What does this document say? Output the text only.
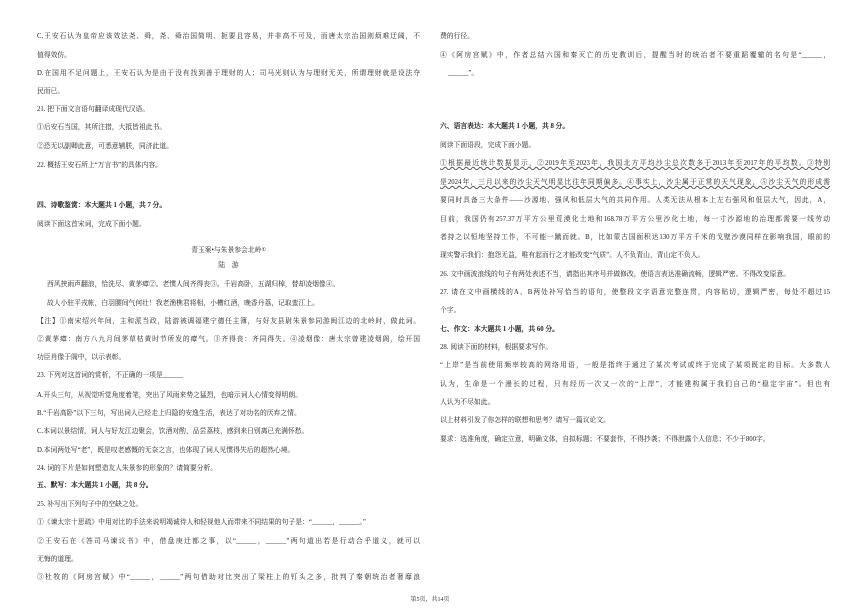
C.王安石认为皇帝应该效法尧、舜，尧、舜治国简明、扼要且容易，并非高不可及，而唐太宗治国则烦难迂阔，不
值得效仿。
D.在国用不足问题上，王安石认为是由于没有找到善于理财的人；司马光则认为与理财无关，所谓理财就是设法夺
民而已。
21. 把下面文言语句翻译成现代汉语。
①后安石当国，其所注措，大抵皆祖此书。
②恐无以副卿此意，可悉意辅朕，同济此道。
22. 概括王安石所上“万言书”的具体内容。
四、诗歌鉴赏：本大题共 1 小题，共 7 分。
阅读下面这首宋词，完成下面小题。
青玉案•与朱景参会北岭①
陆　游
西风挟雨声翻浪，恰洗尽、黄茅瘴②。老惯人间齐得丧③。千岩高卧，五湖归棹，替却凌烟像④。
故人小驻平戎帐，白羽腰间气何壮！我老渔樵君将相，小槽红酒，晚香丹荔，记取蛮江上。
【注】①南宋绍兴年间，主和派当政，陆游被调福建宁德任主簿，与好友县尉朱景参同游闽江边的北岭时，做此词。
②黄茅瘴：南方八九月间茅草枯黄时节所发的瘴气。③齐得丧：齐同得失。④凌烟像：唐太宗曾建凌烟阁，绘开国
功臣肖像于阁中，以示表彰。
23. 下列对这首词的赏析，不正确的一项是______
A.开头三句，从视觉听觉角度着笔，突出了风雨来势之猛烈，也暗示词人心情变得明朗。
B.“千岩高卧”以下三句，写出词人已经走上归隐的安逸生活，表达了对功名的厌弃之情。
C.本词以景结情，词人与好友江边聚会，饮酒对酌，品尝荔枝，感到来日别离已充满怀愁。
D.本词两处写“老”，既是叹老感慨的无奈之言，也体现了词人见惯得失后的超然心境。
24. 词的下片是如何塑造友人朱景参的形象的？请简要分析。
五、默写：本大题共 1 小题，共 8 分。
25. 补写出下列句子中的空缺之处。
①《谏太宗十思疏》中用对比的手法来说明竭诚待人和轻视他人而带来不同结果的句子是：“______，______。”
②王安石在《答司马谏议书》中，借盘庚迁都之事，以“______，______”两句道出若是行动合乎道义，就可以
无悔的道理。
③杜牧的《阿房宫赋》中“______，______”两句借助对比突出了梁柱上的钉头之多，批判了秦朝统治者奢靡浪
费的行径。
④《阿房宫赋》中，作者总结六国和秦灭亡的历史教训后，提醒当时的统治者不要重蹈覆辙的名句是“______，
______”。
六、语言表达：本大题共 1 小题，共 8 分。
阅读下面语段，完成下面小题。
①根据最近统计数据显示，②2019年至2023年，我国北方平均沙尘总次数多于2013年至2017年的平均数。③特别
是2024年，三月以来的沙尘天气明显比往年同期偏多。④事实上，沙尘属于正常的天气现象，⑤沙尘天气的形成需
要同时具备三大条件——沙源地、强风和低层大气的共同作用。人类无法从根本上左右强风和低层大气，因此，A，
目前，我国仍有257.37万平方公里荒漠化土地和168.78万平方公里沙化土地，每一寸沙源地的治理都需要一线劳动
者持之以恒地坚持工作，不可能一蹴而就。B，比如蒙古国面积达130万平方千米的戈壁沙漠同样在影响我国，眼前的
现实警示我们：抱怨无益，唯有起而行之才能改变“气质”。人不负青山，青山定不负人。
26. 文中画波浪线的句子有两处表述不当，请指出其序号并做修改，使语言表达准确流畅，逻辑严密。不得改变原意。
27. 请在文中画横线的A、B两处补写恰当的语句，使整段文字语意完整连贯，内容贴切，逻辑严密，每处不超过15
个字。
七、作文：本大题共 1 小题，共 60 分。
28. 阅读下面的材料，根据要求写作。
“上岸”是当前使用频率较高的网络用语，一般是指终于通过了某次考试或终于完成了某项既定的目标。大多数人
认为，生命是一个漫长的过程，只有经历一次又一次的“上岸”，才能建构属于我们自己的“稳定宇宙”。但也有
人认为不尽如此。
以上材料引发了你怎样的联想和思考？请写一篇议论文。
要求：选准角度，确定立意，明确文体，自拟标题；不要套作，不得抄袭；不得泄露个人信息；不少于800字。
第5页，共14页
